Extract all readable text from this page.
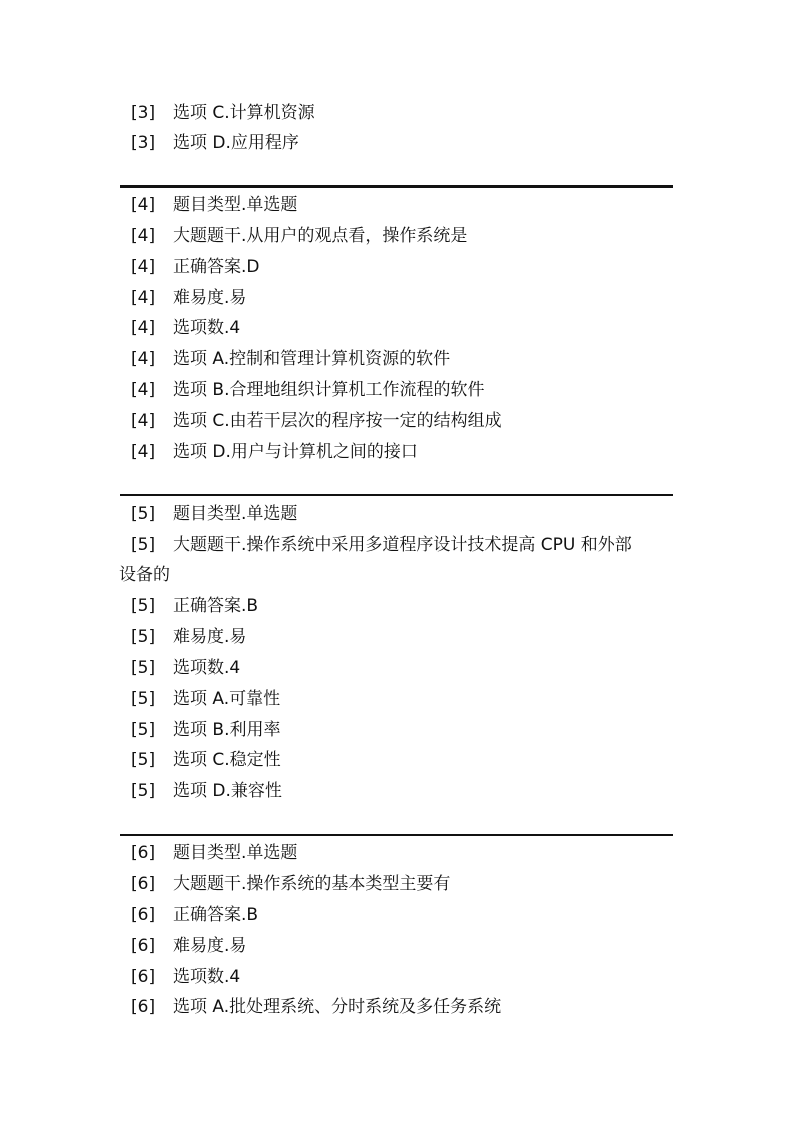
[3] 选项 C.计算机资源
[3] 选项 D.应用程序
[4] 题目类型.单选题
[4] 大题题干.从用户的观点看，操作系统是
[4] 正确答案.D
[4] 难易度.易
[4] 选项数.4
[4] 选项 A.控制和管理计算机资源的软件
[4] 选项 B.合理地组织计算机工作流程的软件
[4] 选项 C.由若干层次的程序按一定的结构组成
[4] 选项 D.用户与计算机之间的接口
[5] 题目类型.单选题
[5] 大题题干.操作系统中采用多道程序设计技术提高 CPU 和外部
设备的
[5] 正确答案.B
[5] 难易度.易
[5] 选项数.4
[5] 选项 A.可靠性
[5] 选项 B.利用率
[5] 选项 C.稳定性
[5] 选项 D.兼容性
[6] 题目类型.单选题
[6] 大题题干.操作系统的基本类型主要有
[6] 正确答案.B
[6] 难易度.易
[6] 选项数.4
[6] 选项 A.批处理系统、分时系统及多任务系统
